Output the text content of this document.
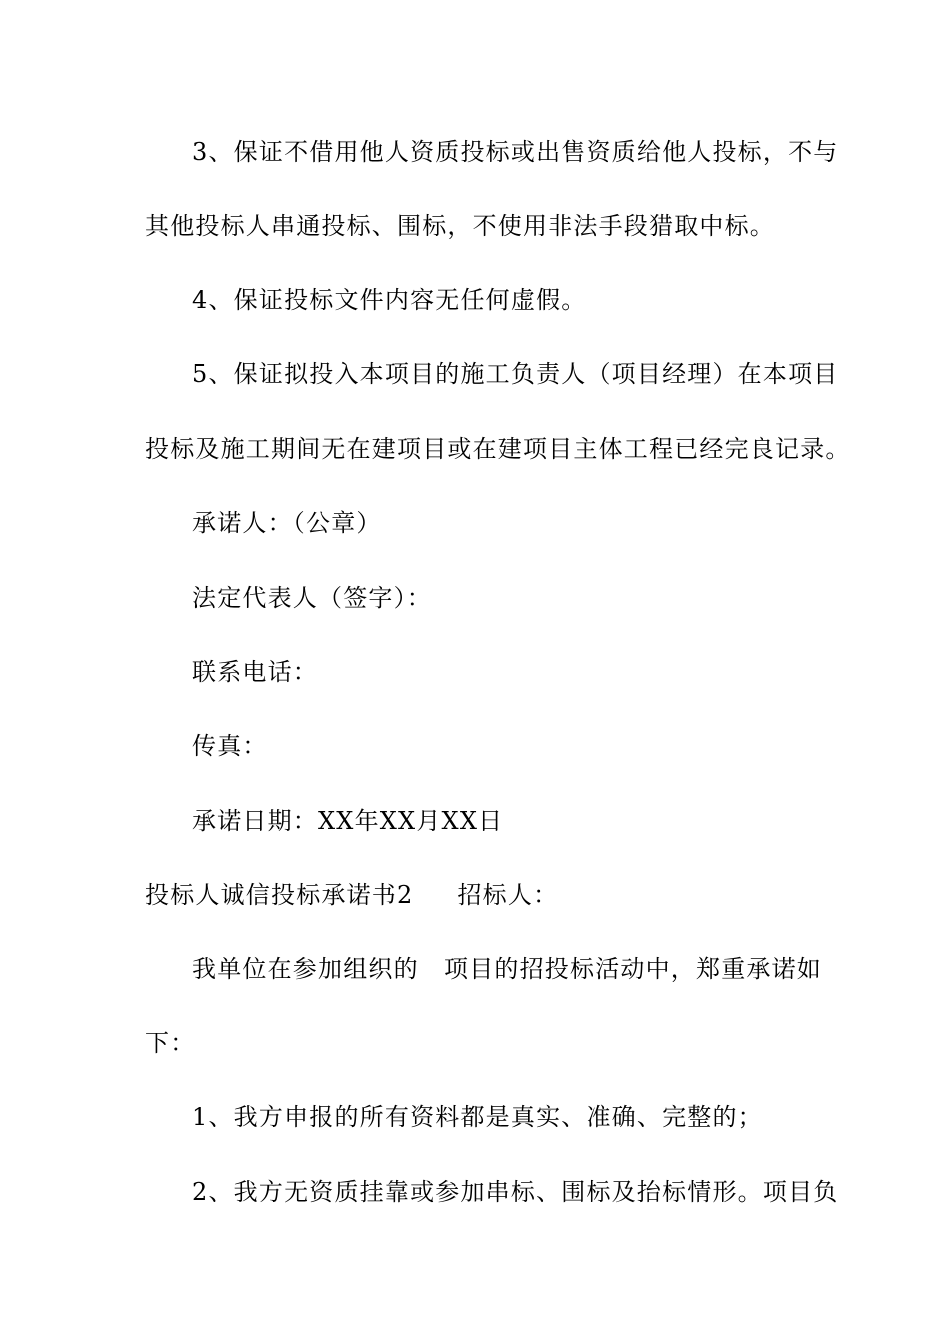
3、保证不借用他人资质投标或出售资质给他人投标，不与

其他投标人串通投标、围标，不使用非法手段猎取中标。

4、保证投标文件内容无任何虚假。

5、保证拟投入本项目的施工负责人（项目经理）在本项目

投标及施工期间无在建项目或在建项目主体工程已经完良记录。

承诺人：（公章）

法定代表人（签字）：

联系电话：

传真：

承诺日期：XX年XX月XX日

投标人诚信投标承诺书2 招标人：

我单位在参加组织的　项目的招投标活动中，郑重承诺如

下：

1、我方申报的所有资料都是真实、准确、完整的；

2、我方无资质挂靠或参加串标、围标及抬标情形。项目负
